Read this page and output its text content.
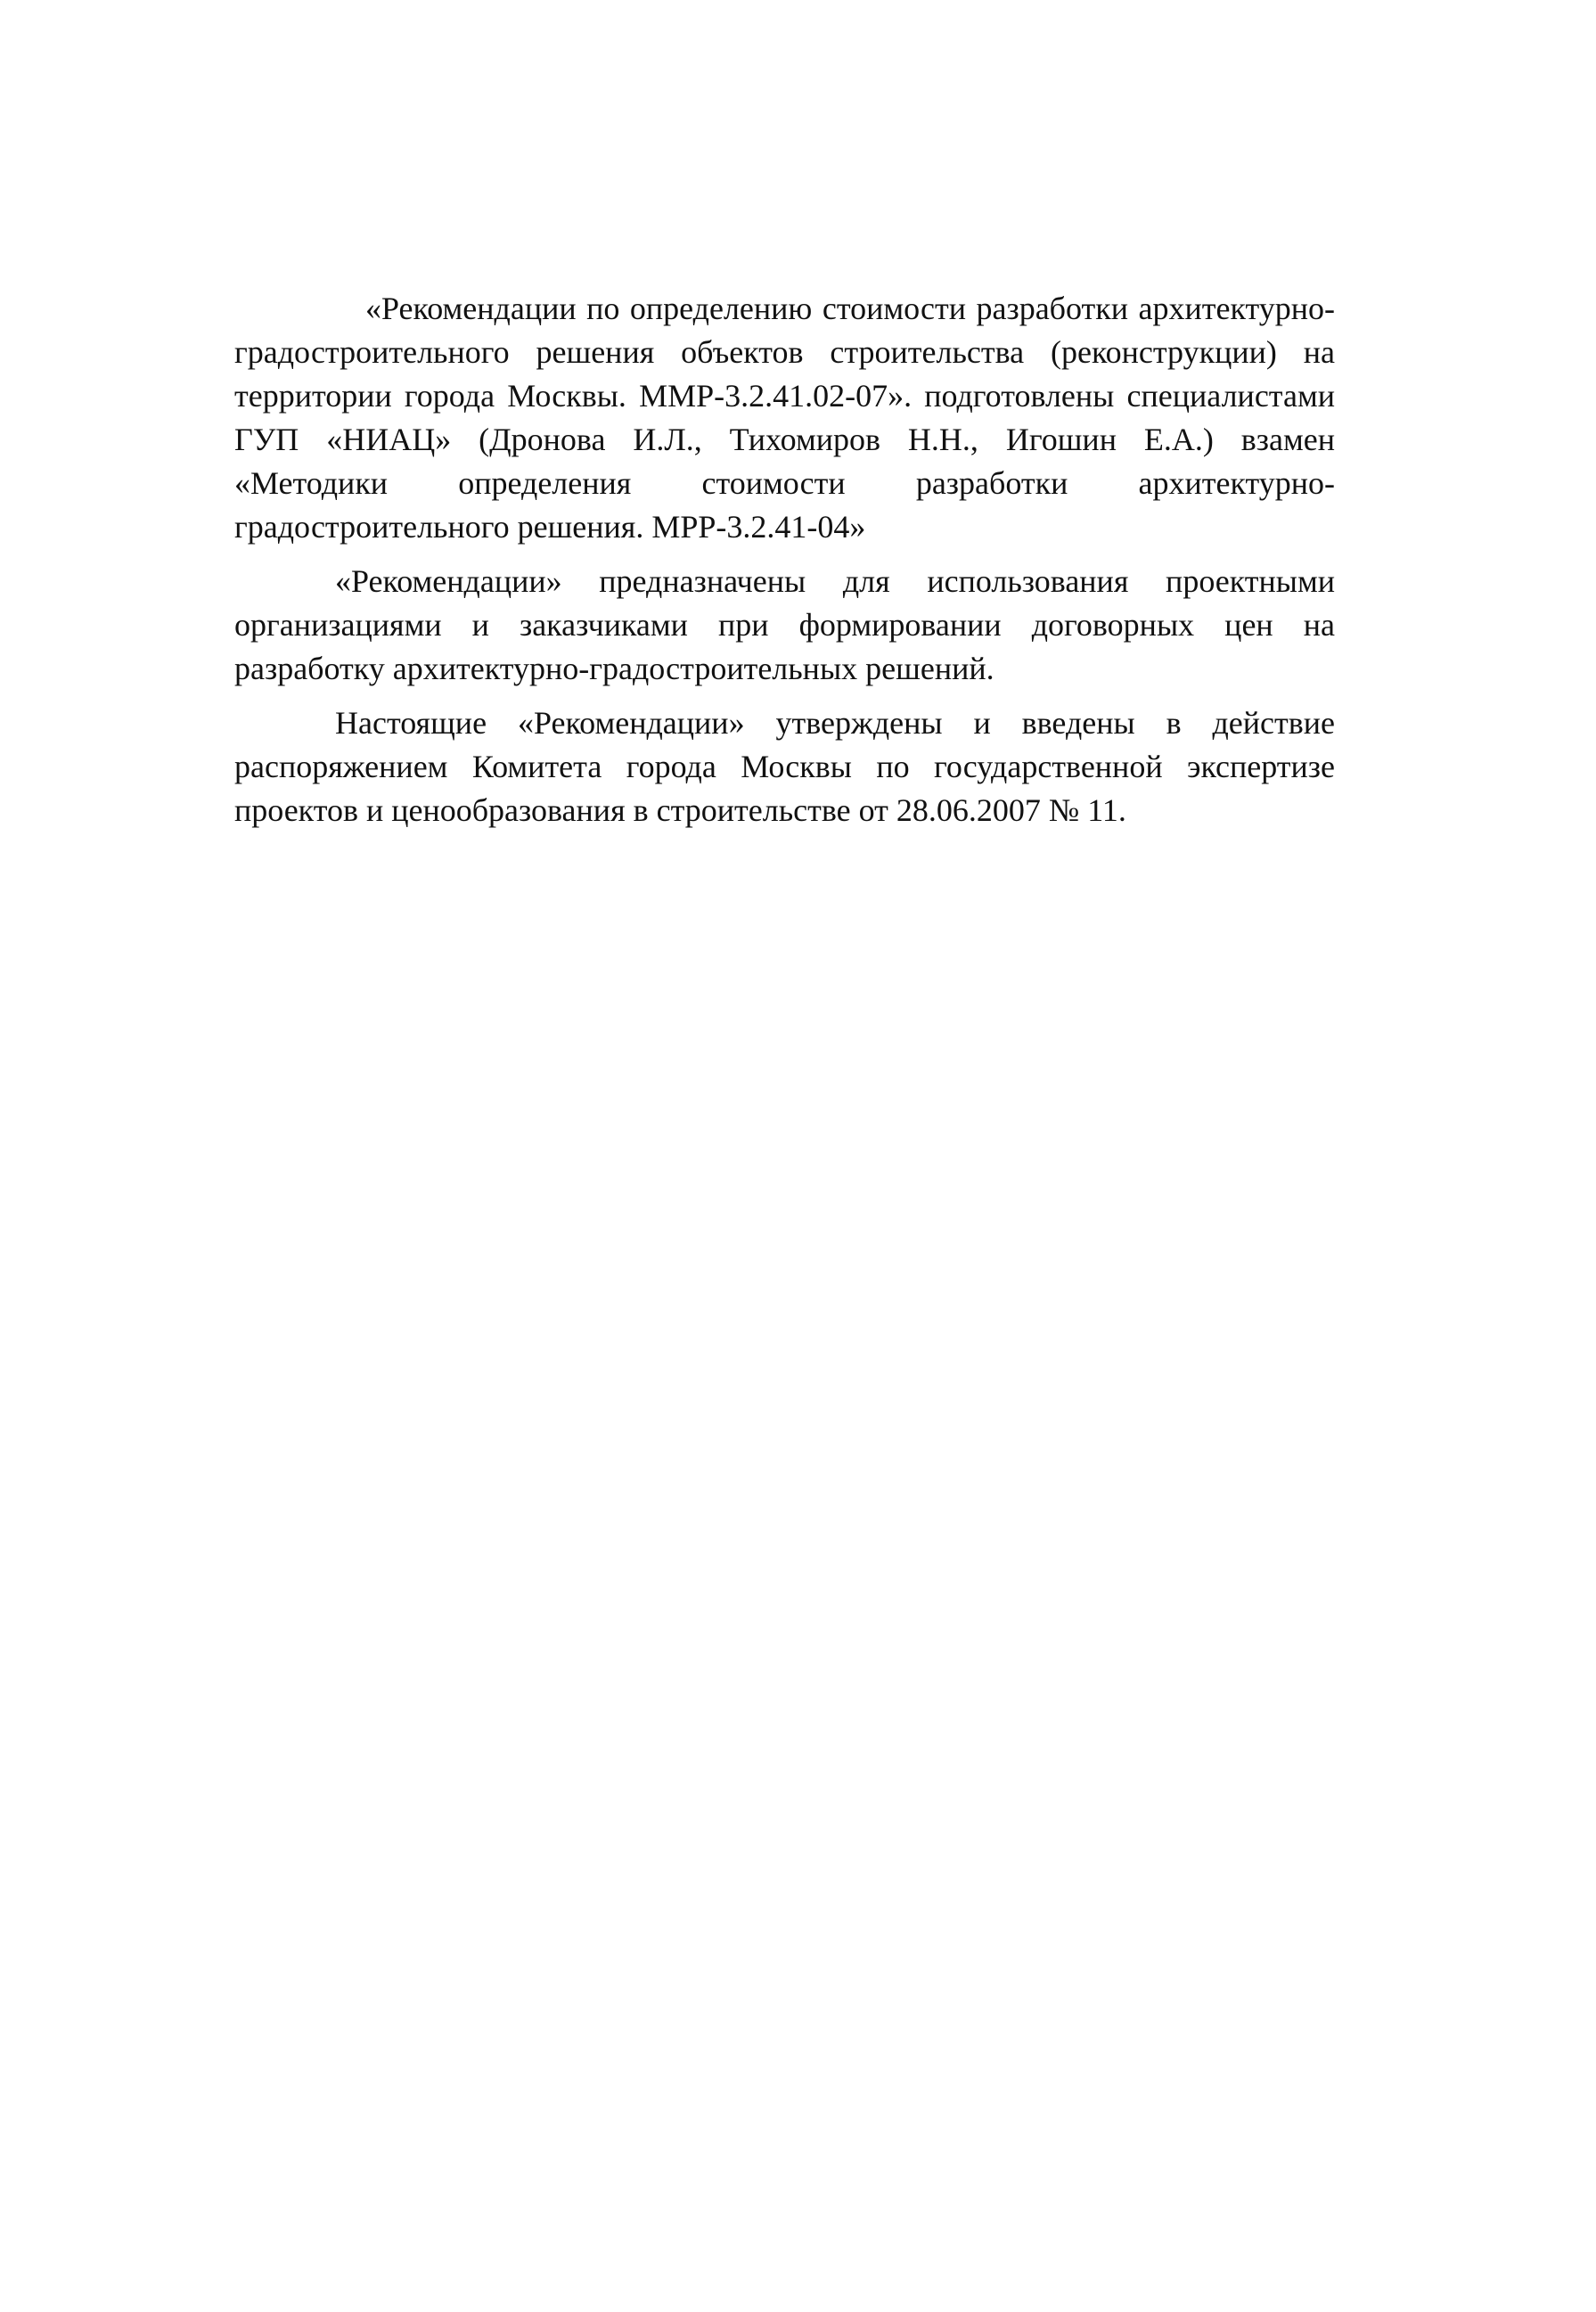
«Рекомендации по определению стоимости разработки архитектурно-градостроительного решения объектов строительства (реконструкции) на территории города Москвы. ММР-3.2.41.02-07». подготовлены специалистами ГУП «НИАЦ» (Дронова И.Л., Тихомиров Н.Н., Игошин Е.А.) взамен «Методики определения стоимости разработки архитектурно-градостроительного решения. МРР-3.2.41-04»

«Рекомендации» предназначены для использования проектными организациями и заказчиками при формировании договорных цен на разработку архитектурно-градостроительных решений.

Настоящие «Рекомендации» утверждены и введены в действие распоряжением Комитета города Москвы по государственной экспертизе проектов и ценообразования в строительстве от 28.06.2007 № 11.
